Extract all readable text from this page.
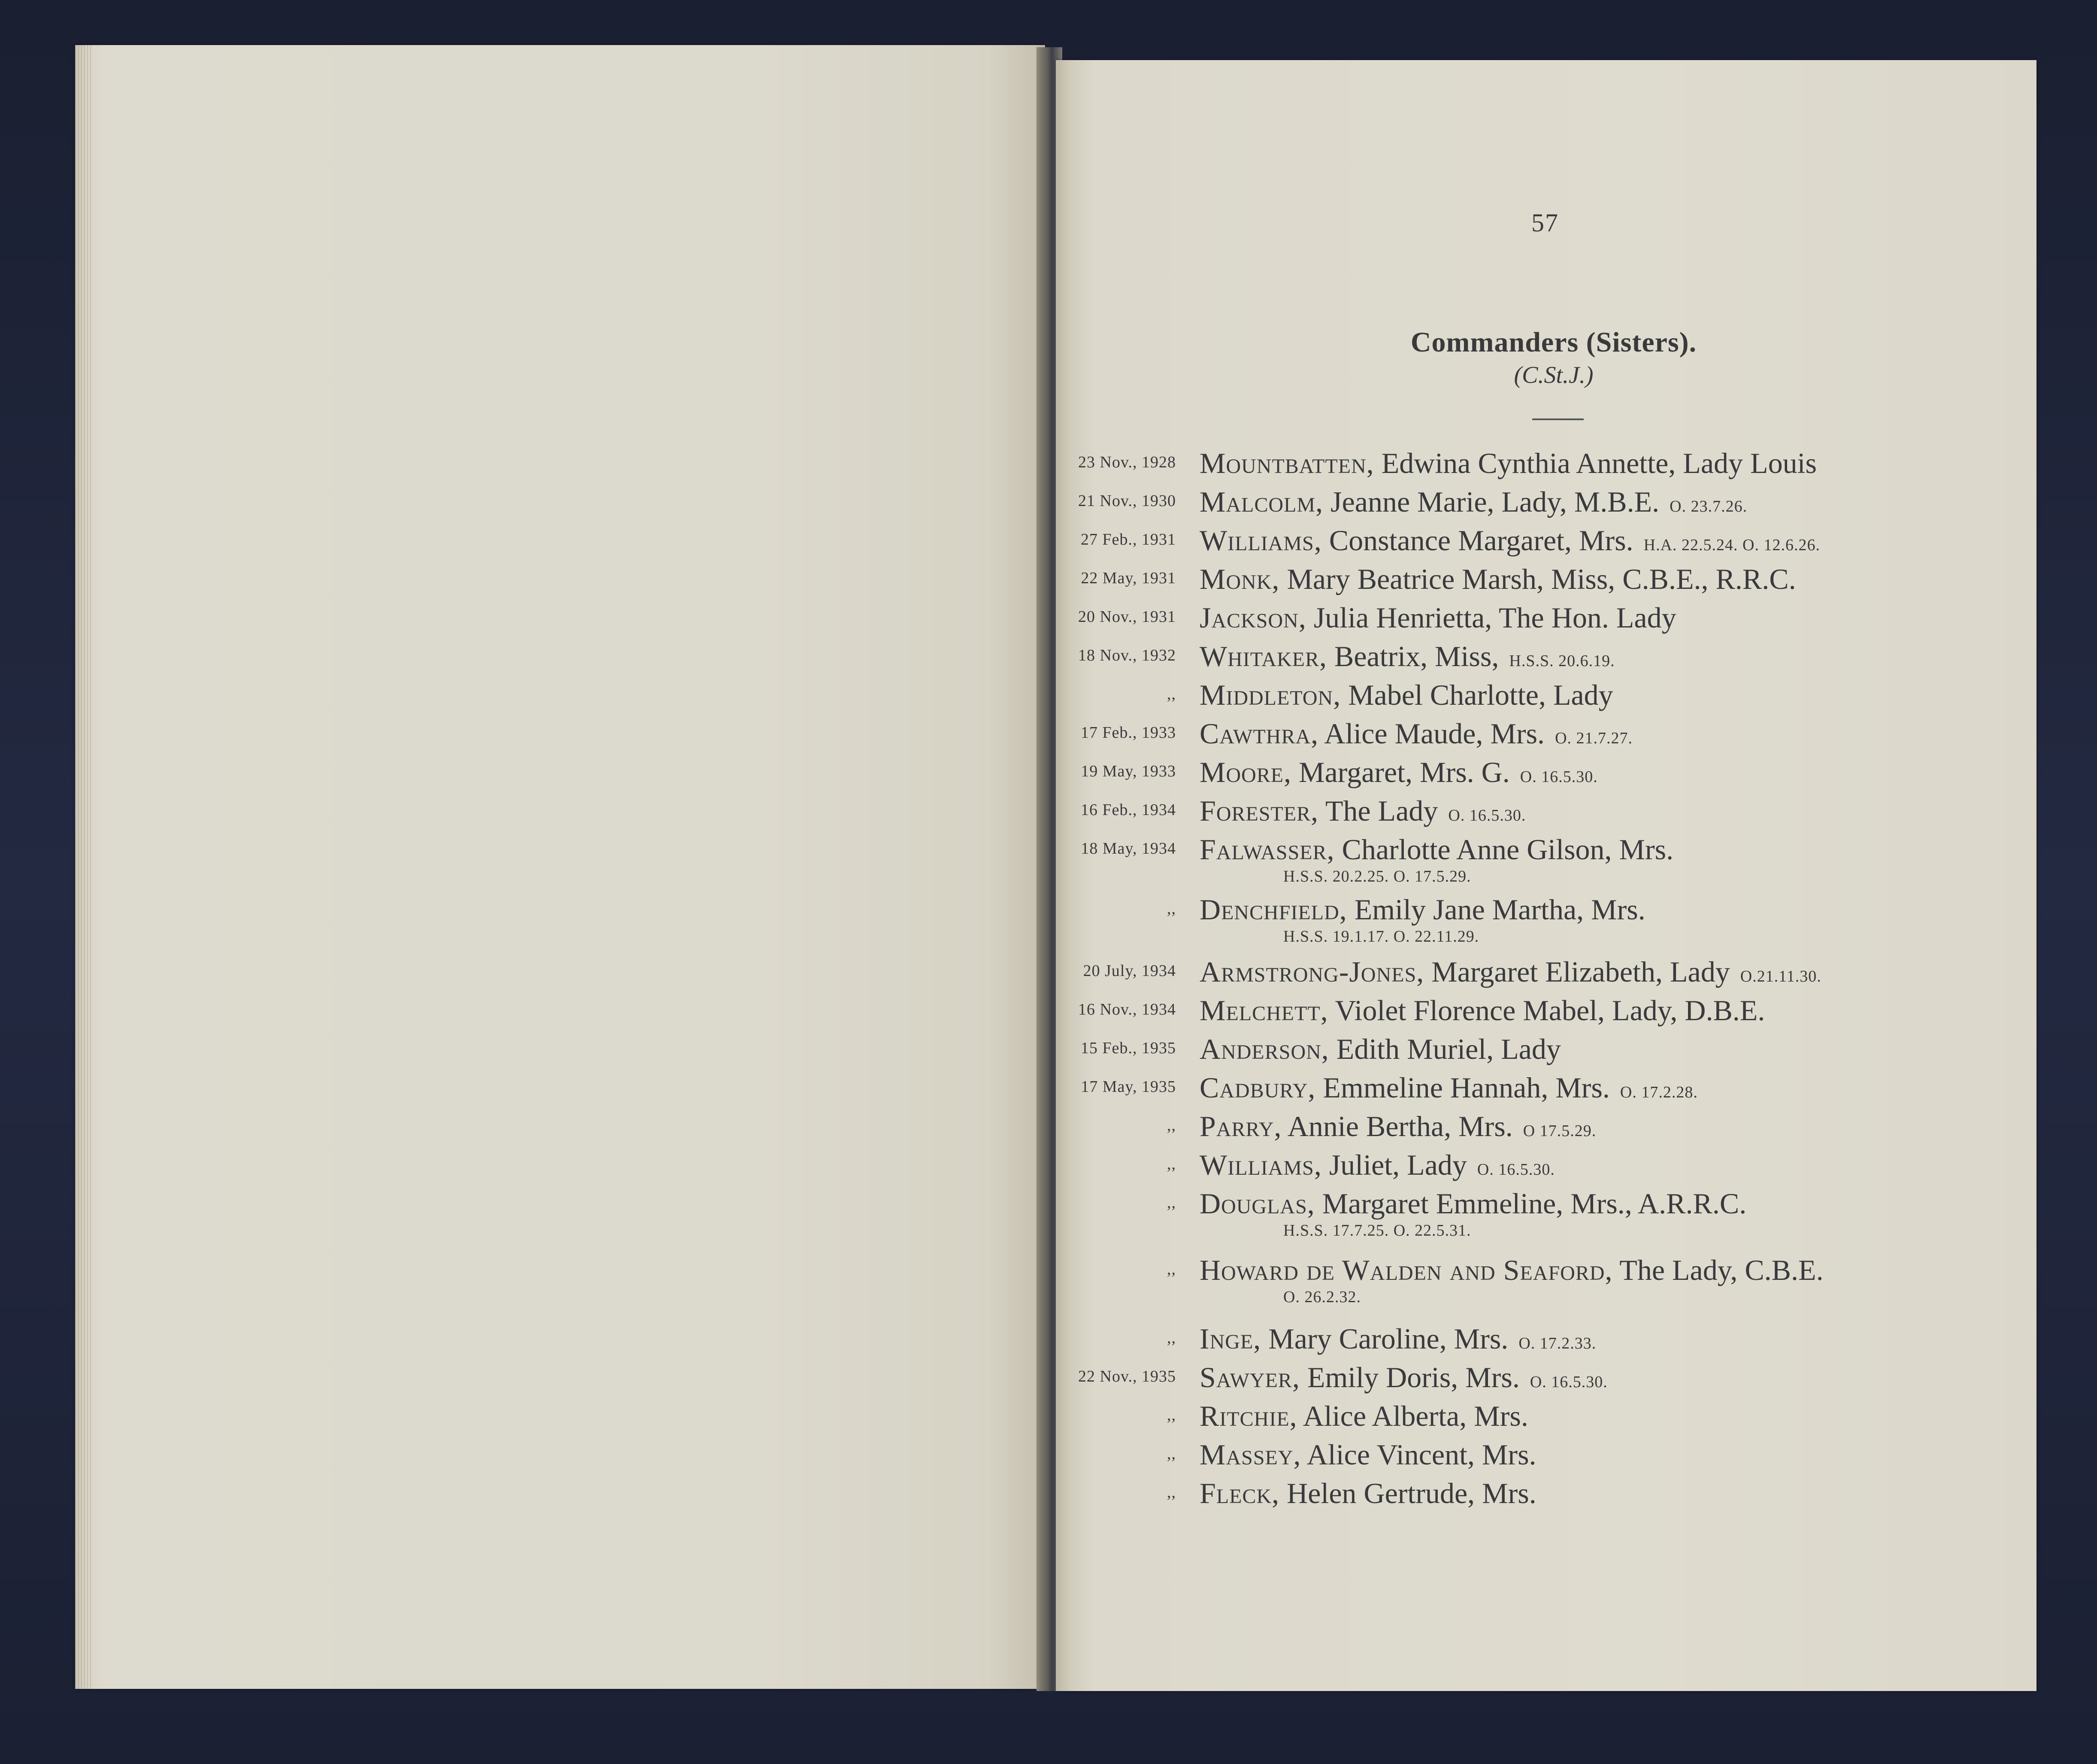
57
Commanders (Sisters).
(C.St.J.)
23 Nov., 1928 Mountbatten, Edwina Cynthia Annette, Lady Louis
21 Nov., 1930 Malcolm, Jeanne Marie, Lady, M.B.E. O. 23.7.26.
27 Feb., 1931 Williams, Constance Margaret, Mrs. H.A. 22.5.24. O. 12.6.26.
22 May, 1931 Monk, Mary Beatrice Marsh, Miss, C.B.E., R.R.C.
20 Nov., 1931 Jackson, Julia Henrietta, The Hon. Lady
18 Nov., 1932 Whitaker, Beatrix, Miss, H.S.S. 20.6.19.
,, Middleton, Mabel Charlotte, Lady
17 Feb., 1933 Cawthra, Alice Maude, Mrs. O. 21.7.27.
19 May, 1933 Moore, Margaret, Mrs. G. O. 16.5.30.
16 Feb., 1934 Forester, The Lady O. 16.5.30.
18 May, 1934 Falwasser, Charlotte Anne Gilson, Mrs.
H.S.S. 20.2.25. O. 17.5.29.
,, Denchfield, Emily Jane Martha, Mrs.
H.S.S. 19.1.17. O. 22.11.29.
20 July, 1934 Armstrong-Jones, Margaret Elizabeth, Lady O.21.11.30.
16 Nov., 1934 Melchett, Violet Florence Mabel, Lady, D.B.E.
15 Feb., 1935 Anderson, Edith Muriel, Lady
17 May, 1935 Cadbury, Emmeline Hannah, Mrs. O. 17.2.28.
,, Parry, Annie Bertha, Mrs. O 17.5.29.
,, Williams, Juliet, Lady O. 16.5.30.
,, Douglas, Margaret Emmeline, Mrs., A.R.R.C.
H.S.S. 17.7.25. O. 22.5.31.
,, Howard de Walden and Seaford, The Lady, C.B.E.
O. 26.2.32.
,, Inge, Mary Caroline, Mrs. O. 17.2.33.
22 Nov., 1935 Sawyer, Emily Doris, Mrs. O. 16.5.30.
,, Ritchie, Alice Alberta, Mrs.
,, Massey, Alice Vincent, Mrs.
,, Fleck, Helen Gertrude, Mrs.
